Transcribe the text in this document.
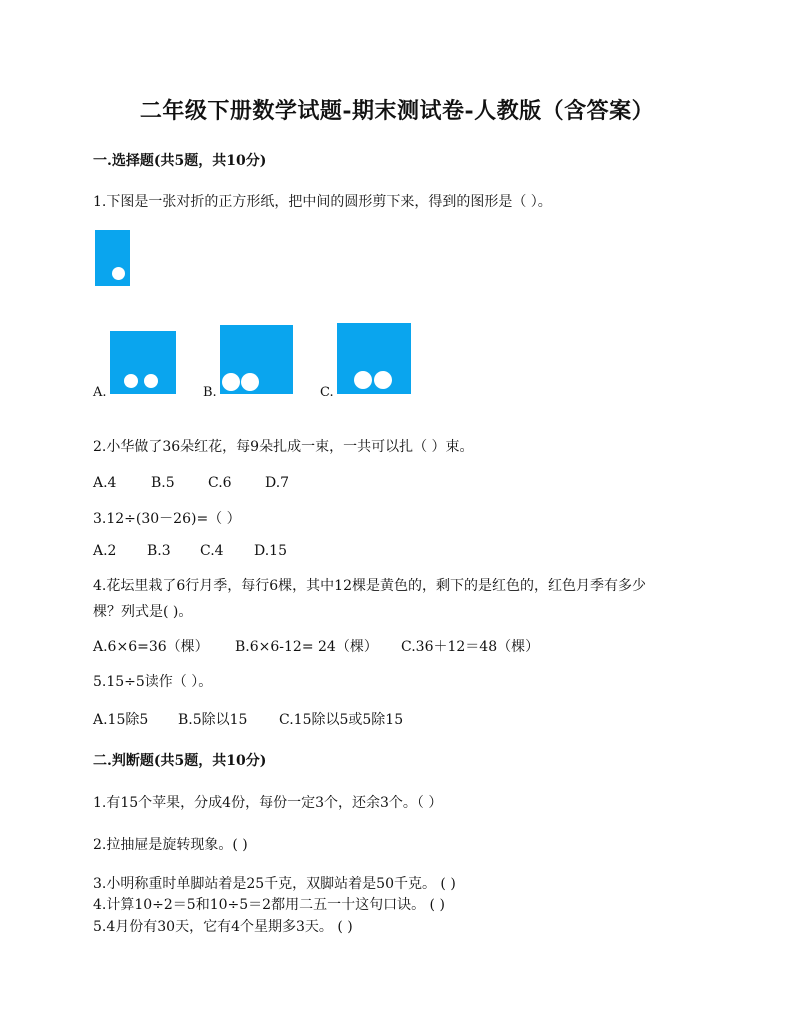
二年级下册数学试题-期末测试卷-人教版（含答案）
一.选择题(共5题，共10分)
1.下图是一张对折的正方形纸，把中间的圆形剪下来，得到的图形是（ ）。
A.	B.	C.
2.小华做了36朵红花，每9朵扎成一束，一共可以扎（ ）束。
A.4 B.5 C.6 D.7
3.12÷(30－26)=（ ）
A.2 B.3 C.4 D.15
4.花坛里栽了6行月季，每行6棵，其中12棵是黄色的，剩下的是红色的，红色月季有多少
棵？列式是( )。
A.6×6=36（棵） B.6×6-12= 24（棵） C.36＋12＝48（棵）
5.15÷5读作（ ）。
A.15除5 B.5除以15 C.15除以5或5除15
二.判断题(共5题，共10分)
1.有15个苹果，分成4份，每份一定3个，还余3个。（ ）
2.拉抽屉是旋转现象。( )
3.小明称重时单脚站着是25千克，双脚站着是50千克。 ( )
4.计算10÷2＝5和10÷5＝2都用二五一十这句口诀。 ( )
5.4月份有30天，它有4个星期多3天。 ( )
